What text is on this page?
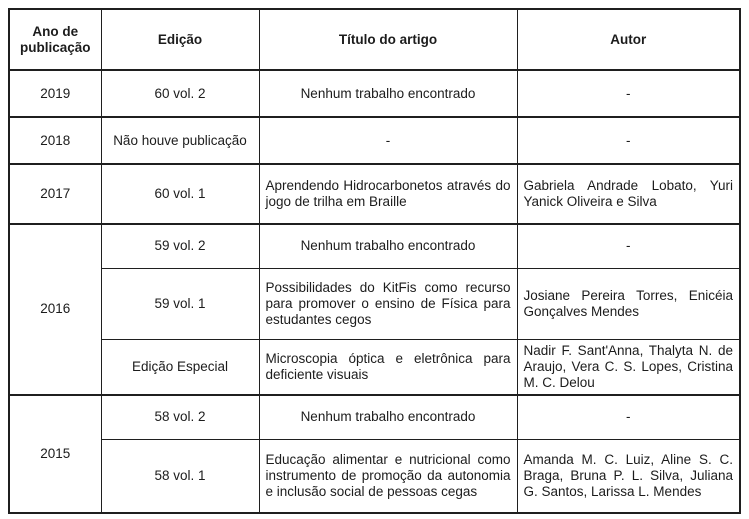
Ano de publicação	Edição	Título do artigo	Autor
2019	60 vol. 2	Nenhum trabalho encontrado	-
2018	Não houve publicação	-	-
2017	60 vol. 1	Aprendendo Hidrocarbonetos através do jogo de trilha em Braille	Gabriela Andrade Lobato, Yuri Yanick Oliveira e Silva
2016	59 vol. 2	Nenhum trabalho encontrado	-
	59 vol. 1	Possibilidades do KitFis como recurso para promover o ensino de Física para estudantes cegos	Josiane Pereira Torres, Enicéia Gonçalves Mendes
	Edição Especial	Microscopia óptica e eletrônica para deficiente visuais	Nadir F. Sant'Anna, Thalyta N. de Araujo, Vera C. S. Lopes, Cristina M. C. Delou
2015	58 vol. 2	Nenhum trabalho encontrado	-
	58 vol. 1	Educação alimentar e nutricional como instrumento de promoção da autonomia e inclusão social de pessoas cegas	Amanda M. C. Luiz, Aline S. C. Braga, Bruna P. L. Silva, Juliana G. Santos, Larissa L. Mendes
